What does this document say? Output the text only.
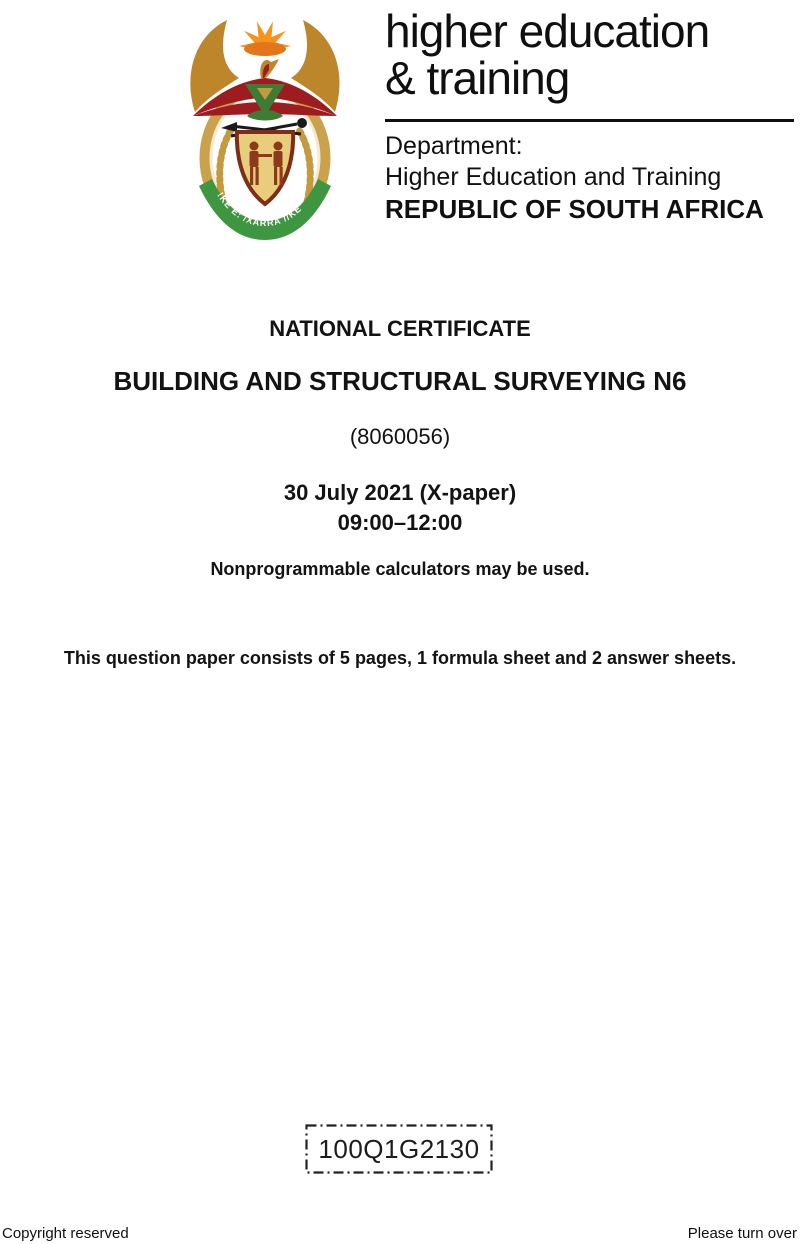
!KE E: /XARRA //KE
higher education
& training
Department:
Higher Education and Training
REPUBLIC OF SOUTH AFRICA
NATIONAL CERTIFICATE
BUILDING AND STRUCTURAL SURVEYING N6
(8060056)
30 July 2021 (X-paper)
09:00–12:00
Nonprogrammable calculators may be used.
This question paper consists of 5 pages, 1 formula sheet and 2 answer sheets.
100Q1G2130
Copyright reserved	Please turn over
